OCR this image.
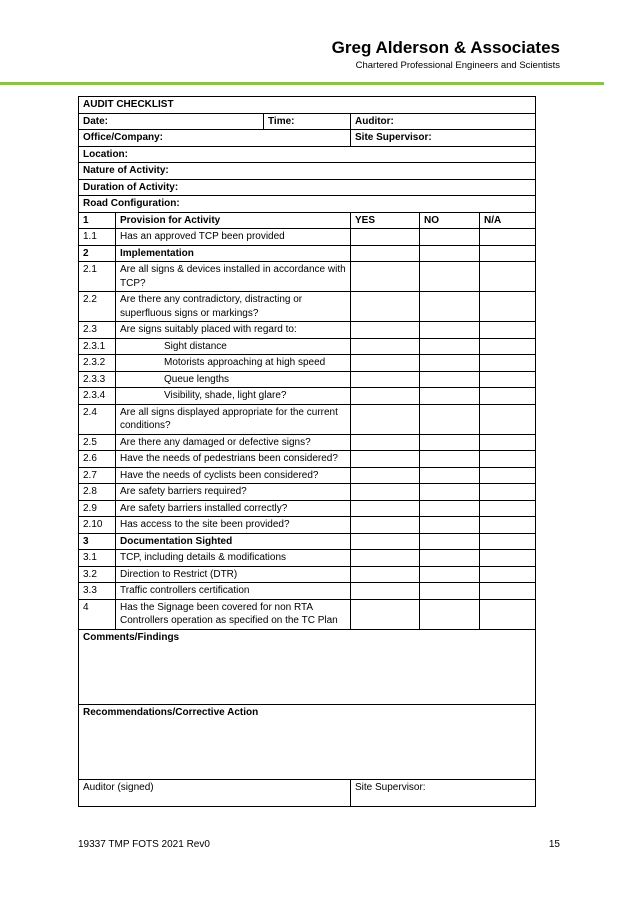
Greg Alderson & Associates
Chartered Professional Engineers and Scientists
AUDIT CHECKLIST					
Date:		Time:	Auditor:		
Office/Company:			Site Supervisor:		
Location:					
Nature of Activity:					
Duration of Activity:					
Road Configuration:					
1	Provision for Activity		YES	NO	N/A
1.1	Has an approved TCP been provided				
2	Implementation				
2.1	Are all signs & devices installed in accordance with TCP?				
2.2	Are there any contradictory, distracting or superfluous signs or markings?				
2.3	Are signs suitably placed with regard to:				
2.3.1	Sight distance				
2.3.2	Motorists approaching at high speed				
2.3.3	Queue lengths				
2.3.4	Visibility, shade, light glare?				
2.4	Are all signs displayed appropriate for the current conditions?				
2.5	Are there any damaged or defective signs?				
2.6	Have the needs of pedestrians been considered?				
2.7	Have the needs of cyclists been considered?				
2.8	Are safety barriers required?				
2.9	Are safety barriers installed correctly?				
2.10	Has access to the site been provided?				
3	Documentation Sighted				
3.1	TCP, including details & modifications				
3.2	Direction to Restrict (DTR)				
3.3	Traffic controllers certification				
4	Has the Signage been covered for non RTA Controllers operation as specified on the TC Plan				
Comments/Findings					
Recommendations/Corrective Action					
Auditor (signed)			Site Supervisor:		
19337 TMP FOTS 2021 Rev0	15
